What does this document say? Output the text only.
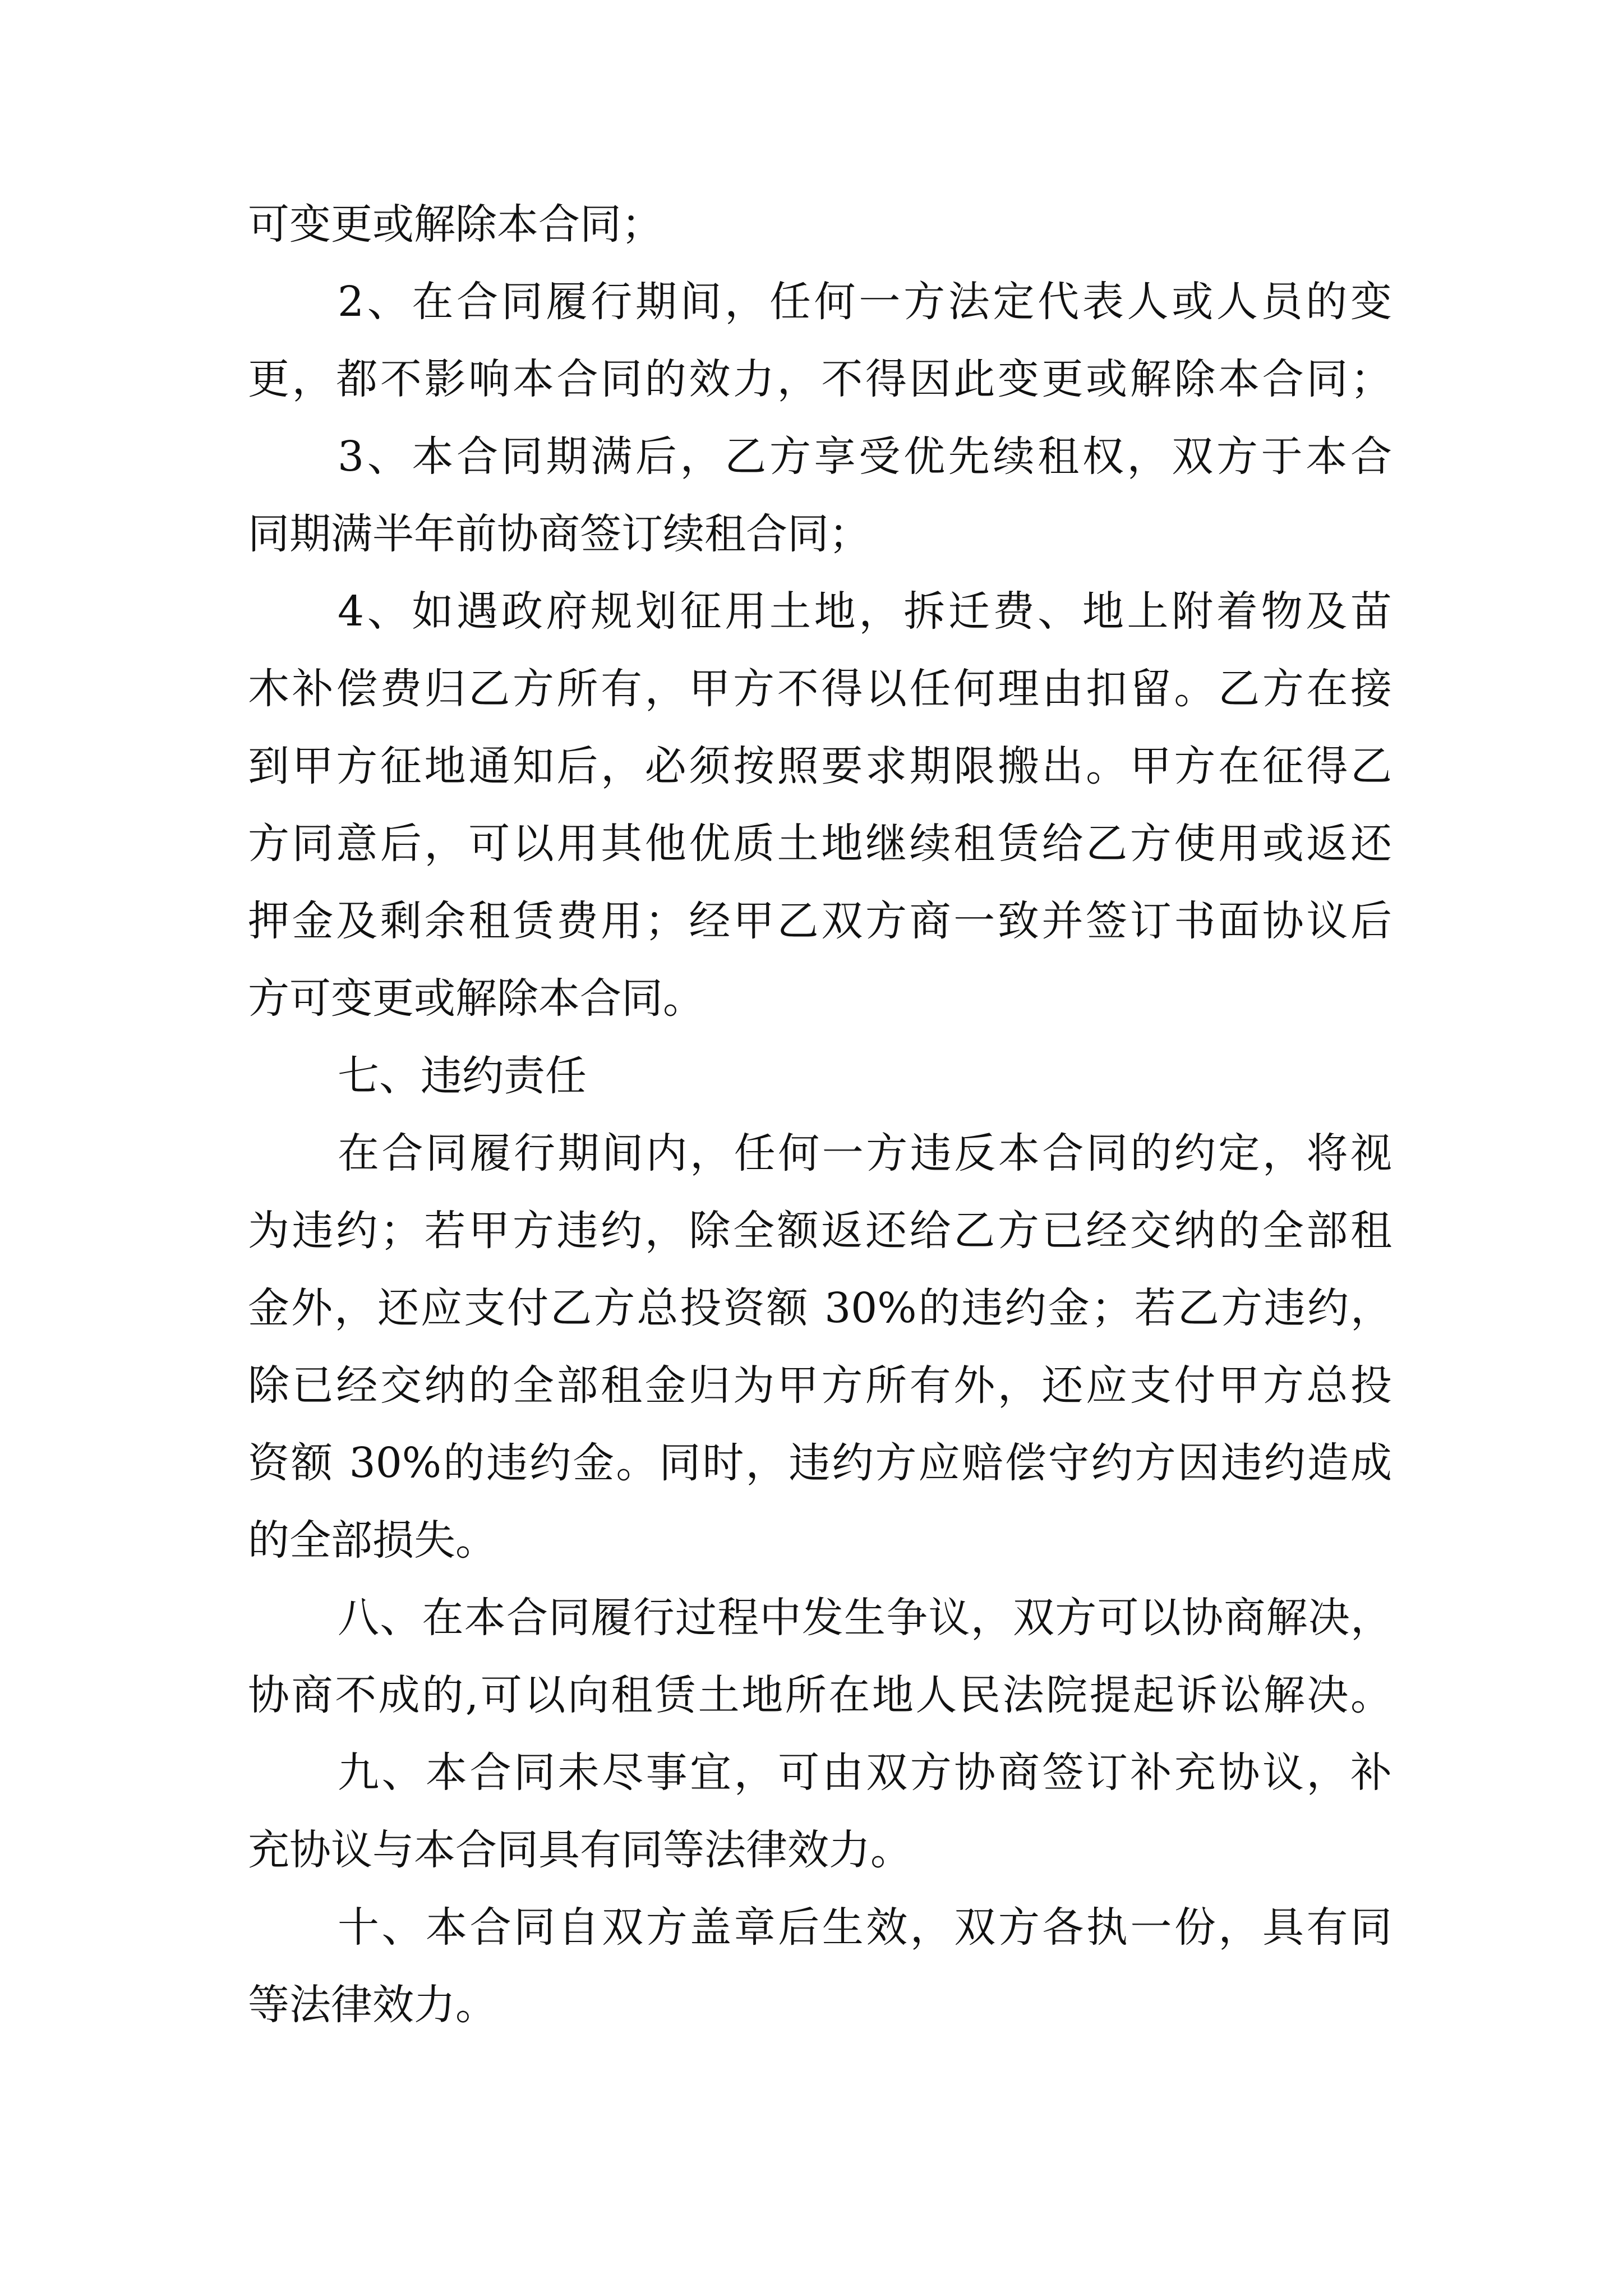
可变更或解除本合同；
2、在合同履行期间，任何一方法定代表人或人员的变
更，都不影响本合同的效力，不得因此变更或解除本合同；
3、本合同期满后，乙方享受优先续租权，双方于本合
同期满半年前协商签订续租合同；
4、如遇政府规划征用土地，拆迁费、地上附着物及苗
木补偿费归乙方所有，甲方不得以任何理由扣留。乙方在接
到甲方征地通知后，必须按照要求期限搬出。甲方在征得乙
方同意后，可以用其他优质土地继续租赁给乙方使用或返还
押金及剩余租赁费用；经甲乙双方商一致并签订书面协议后
方可变更或解除本合同。
七、违约责任
在合同履行期间内，任何一方违反本合同的约定，将视
为违约；若甲方违约，除全额返还给乙方已经交纳的全部租
金外，还应支付乙方总投资额 30%的违约金；若乙方违约，
除已经交纳的全部租金归为甲方所有外，还应支付甲方总投
资额 30%的违约金。同时，违约方应赔偿守约方因违约造成
的全部损失。
八、在本合同履行过程中发生争议，双方可以协商解决，
协商不成的,可以向租赁土地所在地人民法院提起诉讼解决。
九、本合同未尽事宜，可由双方协商签订补充协议，补
充协议与本合同具有同等法律效力。
十、本合同自双方盖章后生效，双方各执一份，具有同
等法律效力。
